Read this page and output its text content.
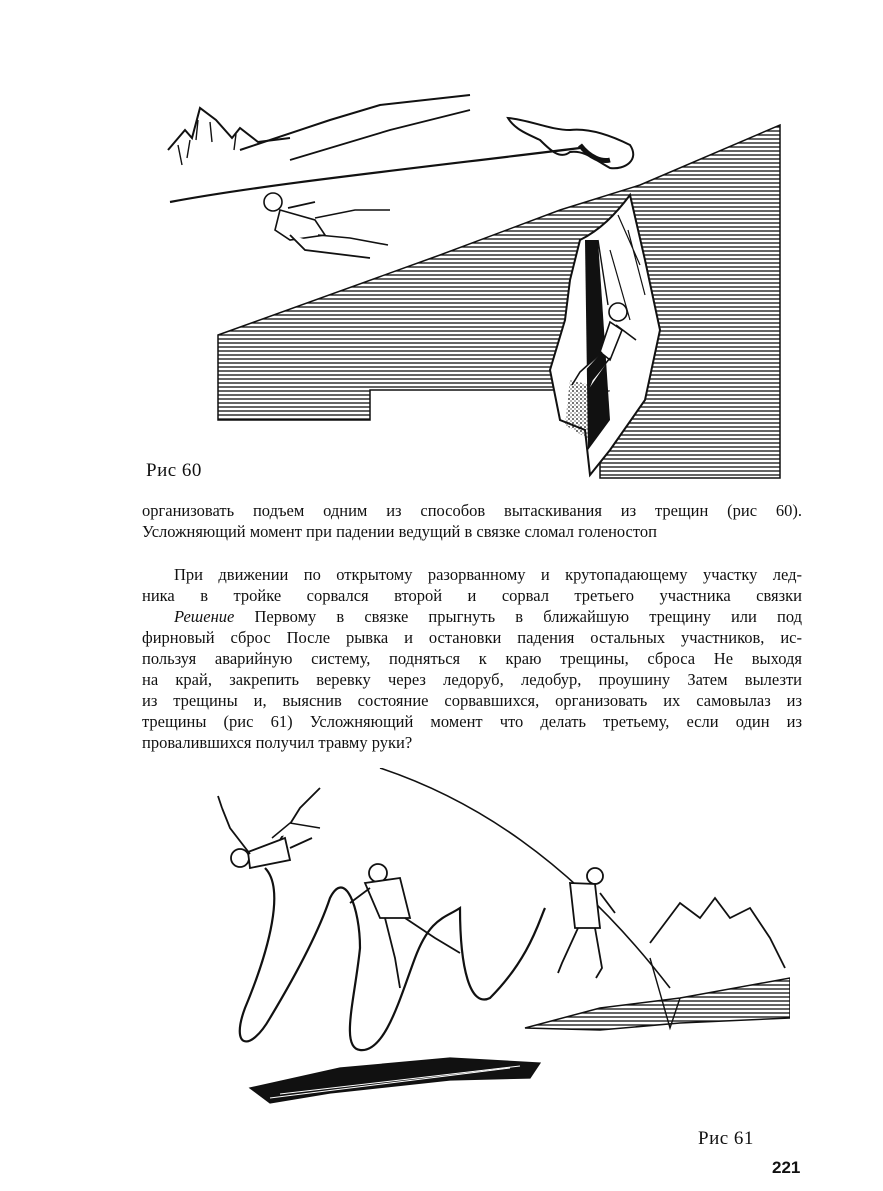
Рис 60
организовать подъем одним из способов вытаскивания из трещин (рис 60).
Усложняющий момент при падении ведущий в связке сломал голеностоп
При движении по открытому разорванному и крутопадающему участку лед-
ника в тройке сорвался второй и сорвал третьего участника связки
Решение Первому в связке прыгнуть в ближайшую трещину или под
фирновый сброс После рывка и остановки падения остальных участников, ис-
пользуя аварийную систему, подняться к краю трещины, сброса Не выходя
на край, закрепить веревку через ледоруб, ледобур, проушину Затем вылезти
из трещины и, выяснив состояние сорвавшихся, организовать их самовылаз из
трещины (рис 61) Усложняющий момент что делать третьему, если один из
провалившихся получил травму руки?
Рис 61
221
